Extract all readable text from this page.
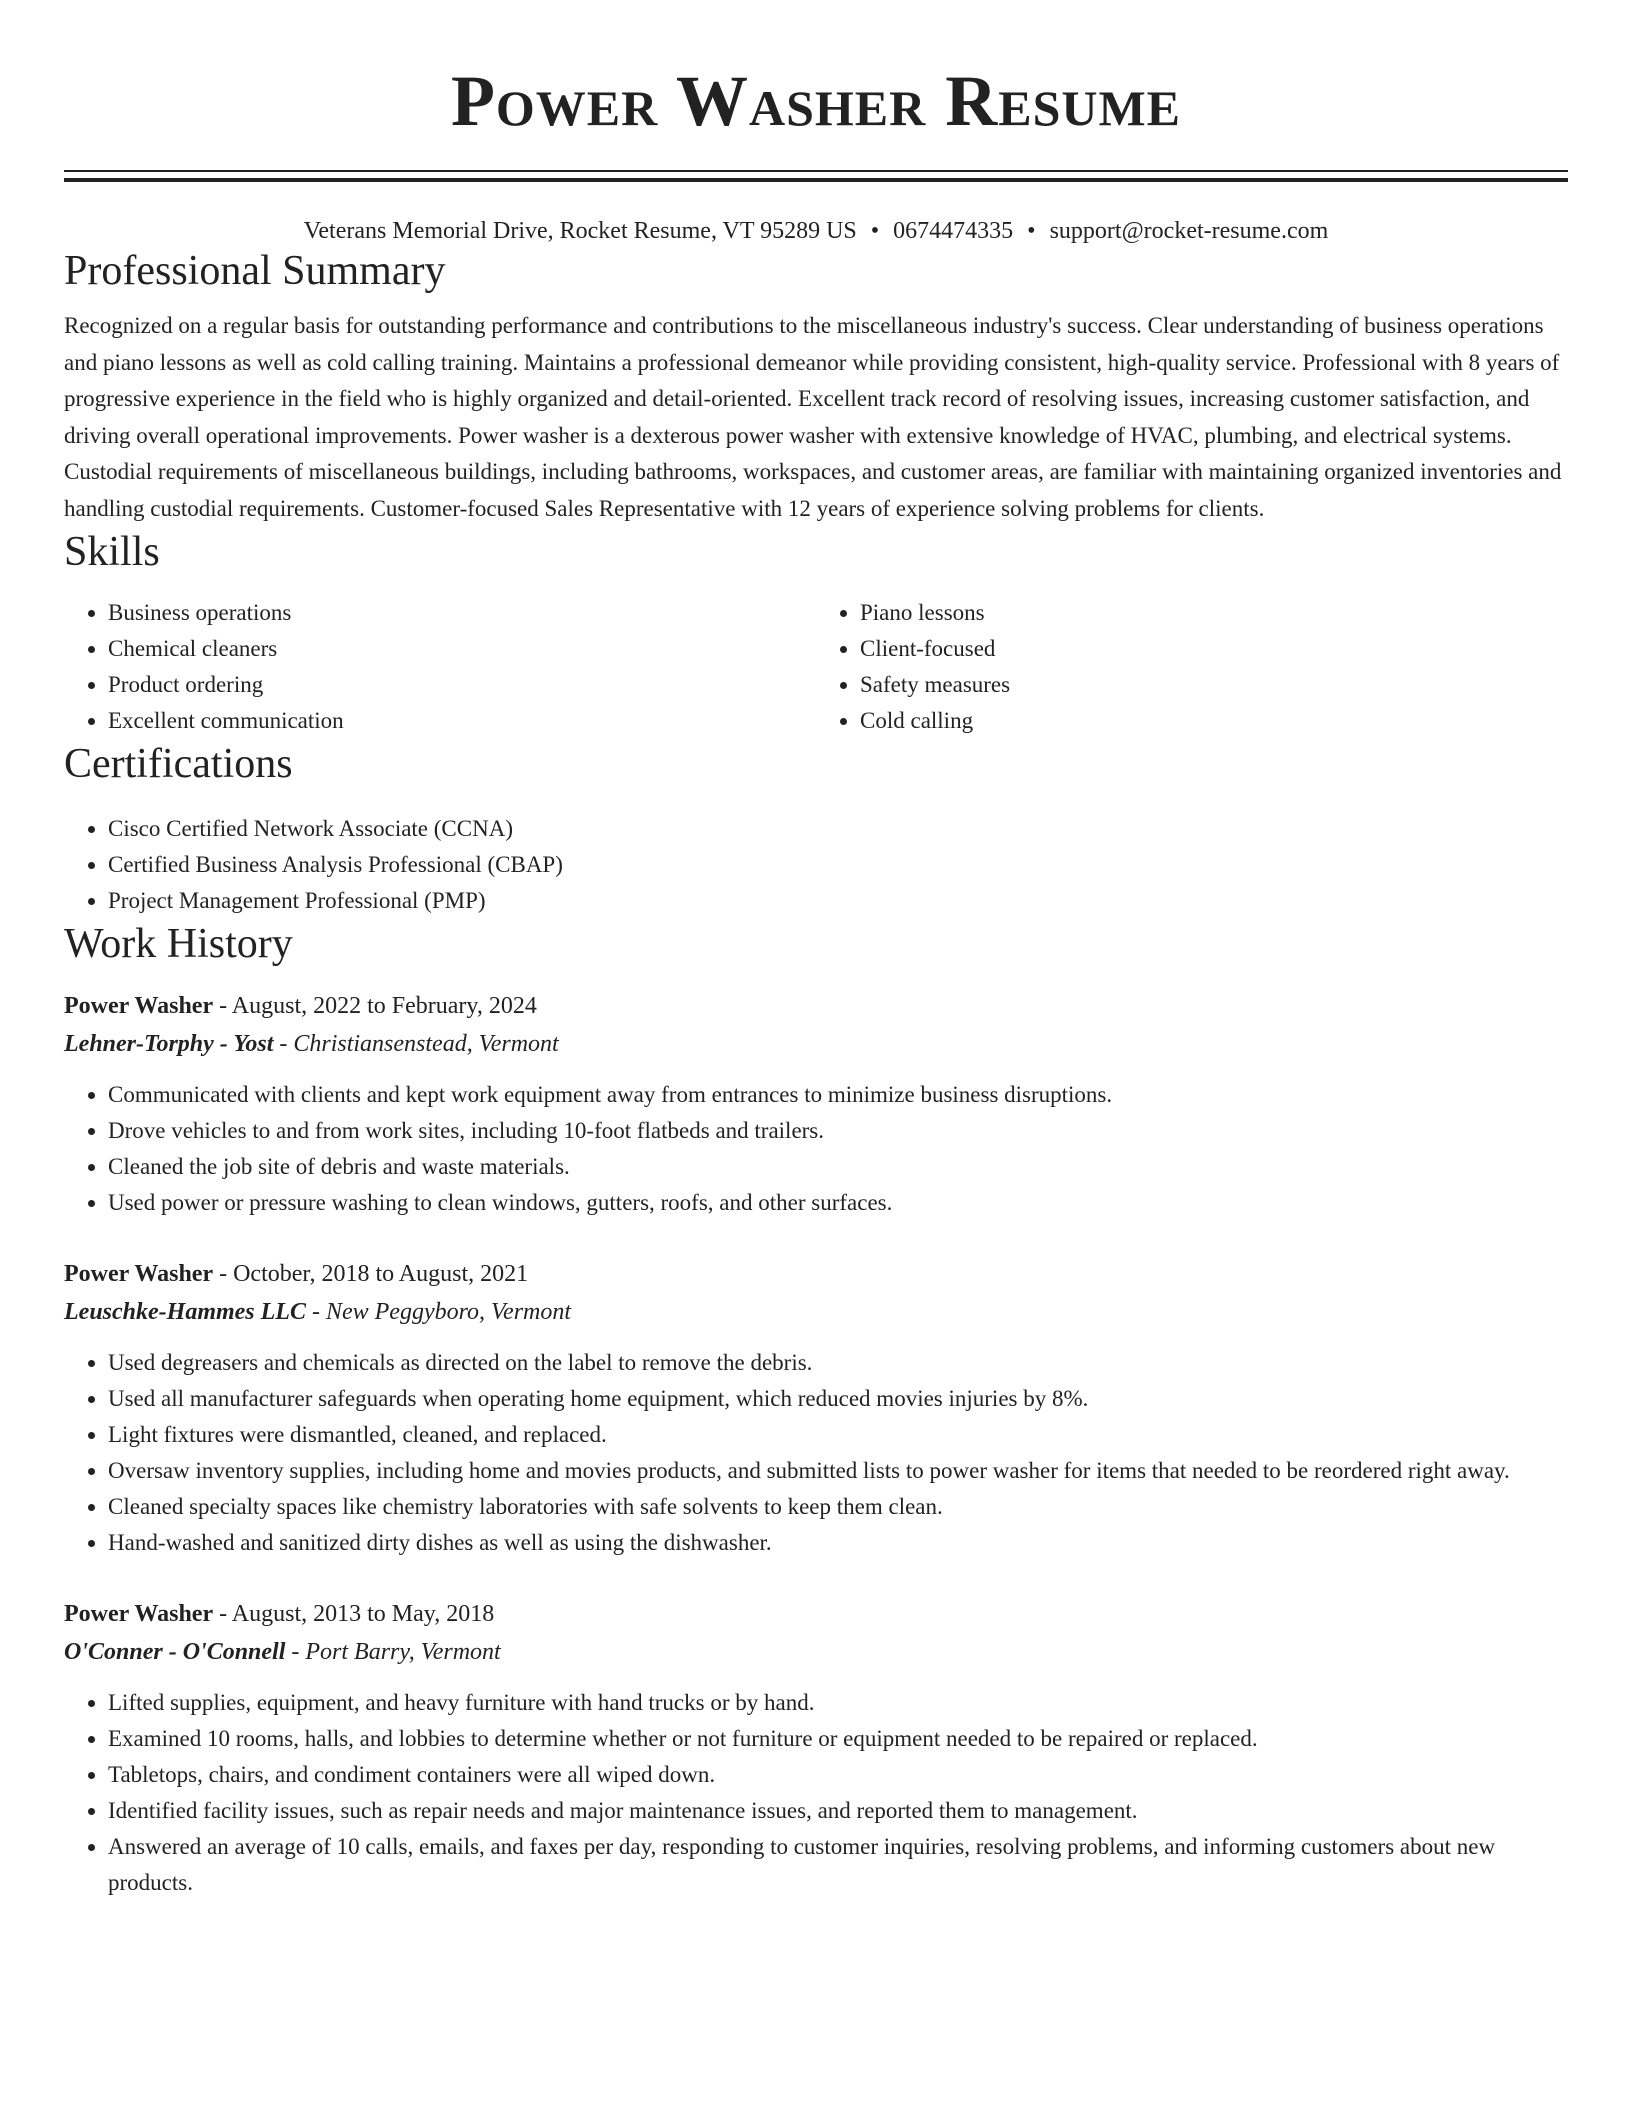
Power Washer Resume
Veterans Memorial Drive, Rocket Resume, VT 95289 US • 0674474335 • support@rocket-resume.com
Professional Summary

Recognized on a regular basis for outstanding performance and contributions to the miscellaneous industry's success. Clear understanding of business operations and piano lessons as well as cold calling training. Maintains a professional demeanor while providing consistent, high-quality service. Professional with 8 years of progressive experience in the field who is highly organized and detail-oriented. Excellent track record of resolving issues, increasing customer satisfaction, and driving overall operational improvements. Power washer is a dexterous power washer with extensive knowledge of HVAC, plumbing, and electrical systems. Custodial requirements of miscellaneous buildings, including bathrooms, workspaces, and customer areas, are familiar with maintaining organized inventories and handling custodial requirements. Customer-focused Sales Representative with 12 years of experience solving problems for clients.

Skills
• Business operations
• Chemical cleaners
• Product ordering
• Excellent communication
• Piano lessons
• Client-focused
• Safety measures
• Cold calling
Certifications
• Cisco Certified Network Associate (CCNA)
• Certified Business Analysis Professional (CBAP)
• Project Management Professional (PMP)
Work History
Power Washer - August, 2022 to February, 2024
Lehner-Torphy - Yost - Christiansenstead, Vermont
• Communicated with clients and kept work equipment away from entrances to minimize business disruptions.
• Drove vehicles to and from work sites, including 10-foot flatbeds and trailers.
• Cleaned the job site of debris and waste materials.
• Used power or pressure washing to clean windows, gutters, roofs, and other surfaces.
Power Washer - October, 2018 to August, 2021
Leuschke-Hammes LLC - New Peggyboro, Vermont
• Used degreasers and chemicals as directed on the label to remove the debris.
• Used all manufacturer safeguards when operating home equipment, which reduced movies injuries by 8%.
• Light fixtures were dismantled, cleaned, and replaced.
• Oversaw inventory supplies, including home and movies products, and submitted lists to power washer for items that needed to be reordered right away.
• Cleaned specialty spaces like chemistry laboratories with safe solvents to keep them clean.
• Hand-washed and sanitized dirty dishes as well as using the dishwasher.
Power Washer - August, 2013 to May, 2018
O'Conner - O'Connell - Port Barry, Vermont
• Lifted supplies, equipment, and heavy furniture with hand trucks or by hand.
• Examined 10 rooms, halls, and lobbies to determine whether or not furniture or equipment needed to be repaired or replaced.
• Tabletops, chairs, and condiment containers were all wiped down.
• Identified facility issues, such as repair needs and major maintenance issues, and reported them to management.
• Answered an average of 10 calls, emails, and faxes per day, responding to customer inquiries, resolving problems, and informing customers about new products.
